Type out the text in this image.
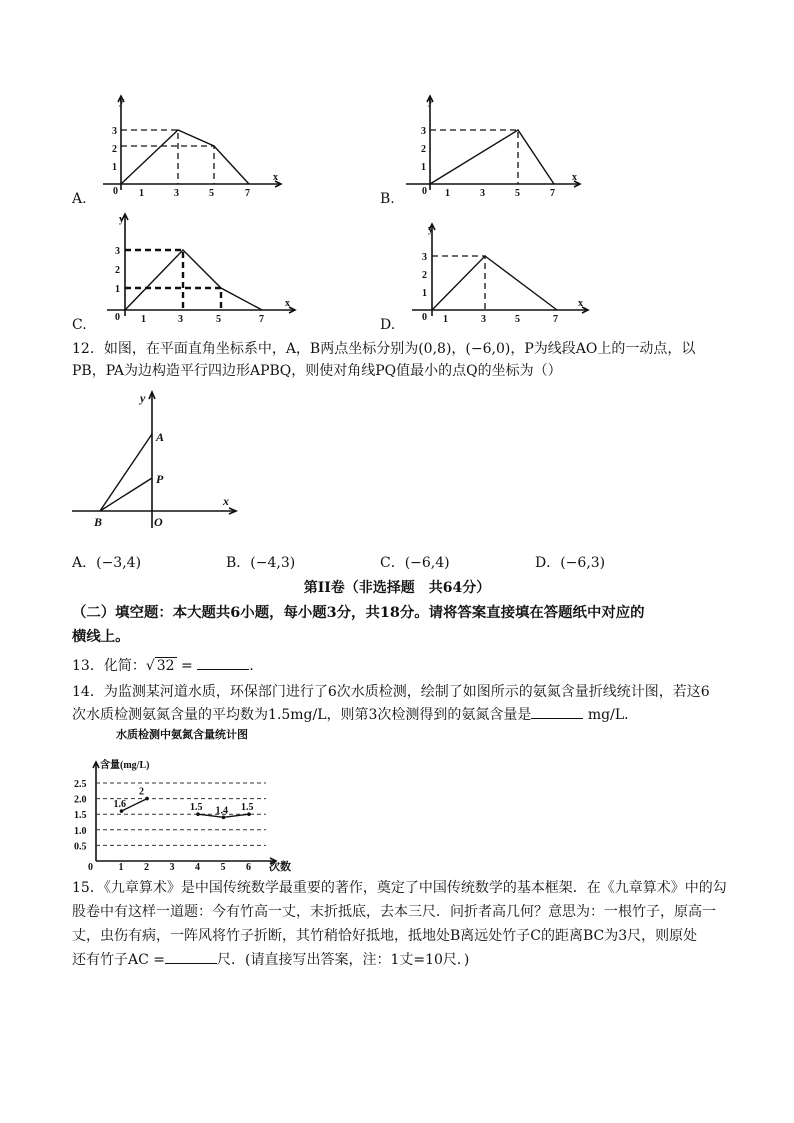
A.
y
x
0 1	3	5	7
3
2
1
B.
y
x
0 1	3	5	7
3
2
1
C.
y
x
0 1	3	5	7
3
2
1
D.
y
x
0 1	3	5	7
3
2
1
12．如图，在平面直角坐标系中，A，B两点坐标分别为(0,8)，(−6,0)，P为线段AO上的一动点，以
PB，PA为边构造平行四边形APBQ，则使对角线PQ值最小的点Q的坐标为（）
y
x
A
P
B	O
A．(−3,4)	B．(−4,3)	C．(−6,4)	D．(−6,3)
第II卷（非选择题　共64分）
（二）填空题：本大题共6小题，每小题3分，共18分。请将答案直接填在答题纸中对应的
横线上。
13．化简：√ 32 =	.
14．为监测某河道水质，环保部门进行了6次水质检测，绘制了如图所示的氨氮含量折线统计图，若这6
次水质检测氨氮含量的平均数为1.5mg/L，则第3次检测得到的氨氮含量是	mg/L．
水质检测中氨氮含量统计图
含量(mg/L)
次数
0
2.5
2.0
1.5
1.0
0.5
1 2 3 4 5 6
1.6
2
1.5 1.4 1.5
15．《九章算术》是中国传统数学最重要的著作，奠定了中国传统数学的基本框架．在《九章算术》中的勾
股卷中有这样一道题：今有竹高一丈，末折抵底，去本三尺．问折者高几何？意思为：一根竹子，原高一
丈，虫伤有病，一阵风将竹子折断，其竹稍恰好抵地，抵地处B离远处竹子C的距离BC为3尺，则原处
还有竹子AC =	尺．(请直接写出答案，注：1丈=10尺．)
